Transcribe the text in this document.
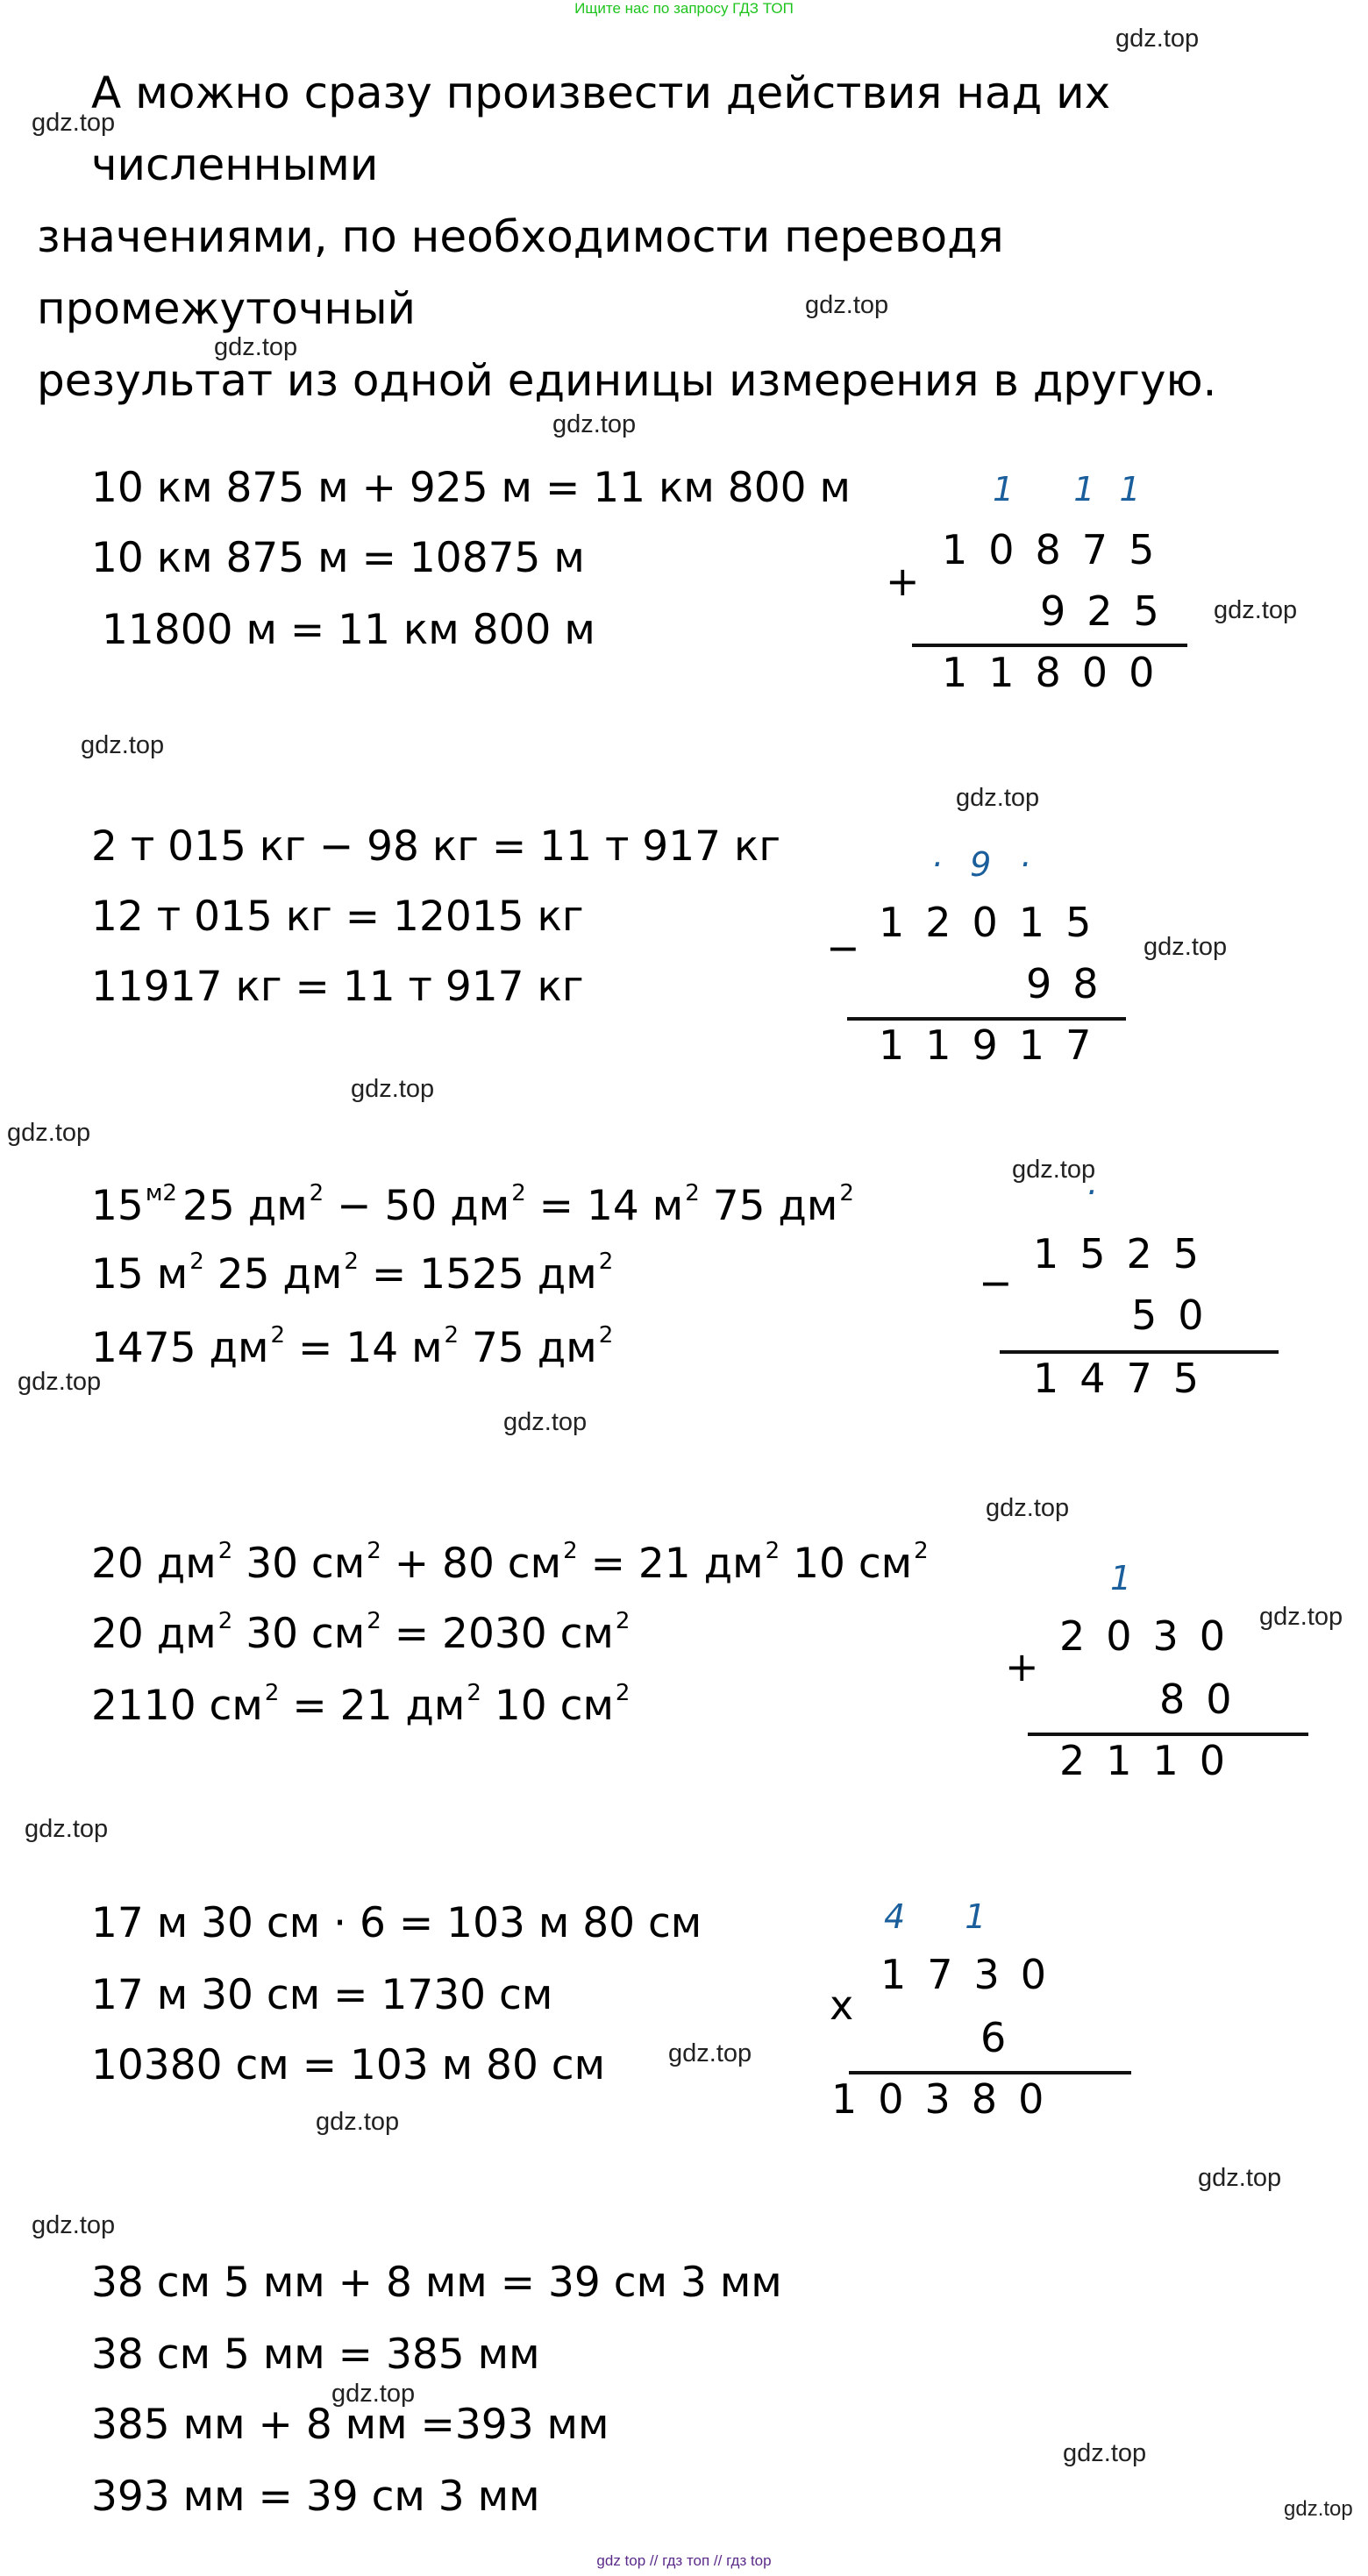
Ищите нас по запросу ГДЗ ТОП
gdz.top
gdz.top
gdz.top
gdz.top
gdz.top
gdz.top
gdz.top
gdz.top
gdz.top
gdz.top
gdz.top
gdz.top
gdz.top
gdz.top
gdz.top
gdz.top
gdz.top
gdz.top
gdz.top
gdz.top
gdz.top
gdz.top
gdz.top
gdz.top

А можно сразу произвести действия над их численными

значениями, по необходимости переводя промежуточный

результат из одной единицы измерения в другую.

10 км 875 м + 925 м = 11 км 800 м
10 км 875 м = 10875 м
11800 м = 11 км 800 м
1 11
10875
+
925
11800
2 т 015 кг − 98 кг = 11 т 917 кг
12 т 015 кг = 12015 кг
11917 кг = 11 т 917 кг
· 9 ·
12015
−
98
11917
$15^{м2}$ 25 $дм^2 - 50$ $дм^2 = 14$ $м^2$ 75 $дм^2$
15 $м^2$ 25 $дм^2 = 1525$ $дм^2$
1475 $дм^2 = 14$ $м^2$ 75 $дм^2$
·
1525
−
50
1475
20 $дм^2$ 30 $см^2 + 80$ $см^2 = 21$ $дм^2$ 10 $см^2$
20 $дм^2$ 30 $см^2 = 2030$ $см^2$
2110 $см^2 = 21$ $дм^2$ 10 $см^2$
1
2030
+
80
2110
17 м 30 см · 6 = 103 м 80 см
17 м 30 см = 1730 см
10380 см = 103 м 80 см
4 1
1730
x
6
10380
38 см 5 мм + 8 мм = 39 см 3 мм
38 см 5 мм = 385 мм
385 мм + 8 мм =393 мм
393 мм = 39 см 3 мм
gdz top // гдз топ // гдз top
